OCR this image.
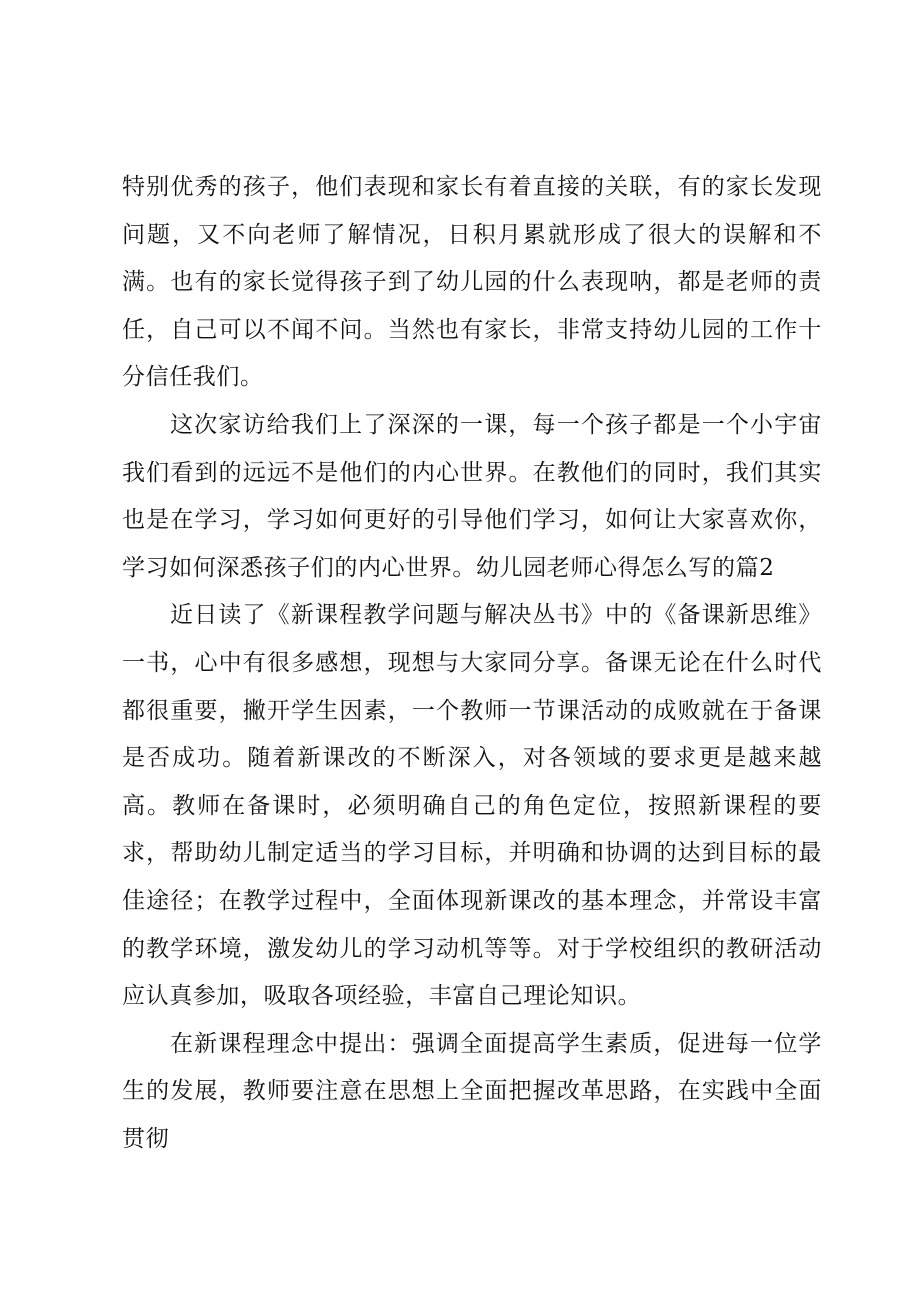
特别优秀的孩子，他们表现和家长有着直接的关联，有的家长发现问题，又不向老师了解情况，日积月累就形成了很大的误解和不满。也有的家长觉得孩子到了幼儿园的什么表现呐，都是老师的责任，自己可以不闻不问。当然也有家长，非常支持幼儿园的工作十分信任我们。

这次家访给我们上了深深的一课，每一个孩子都是一个小宇宙我们看到的远远不是他们的内心世界。在教他们的同时，我们其实也是在学习，学习如何更好的引导他们学习，如何让大家喜欢你，学习如何深悉孩子们的内心世界。幼儿园老师心得怎么写的篇2

近日读了《新课程教学问题与解决丛书》中的《备课新思维》一书，心中有很多感想，现想与大家同分享。备课无论在什么时代都很重要，撇开学生因素，一个教师一节课活动的成败就在于备课是否成功。随着新课改的不断深入，对各领域的要求更是越来越高。教师在备课时，必须明确自己的角色定位，按照新课程的要求，帮助幼儿制定适当的学习目标，并明确和协调的达到目标的最佳途径；在教学过程中，全面体现新课改的基本理念，并常设丰富的教学环境，激发幼儿的学习动机等等。对于学校组织的教研活动应认真参加，吸取各项经验，丰富自己理论知识。

在新课程理念中提出：强调全面提高学生素质，促进每一位学生的发展，教师要注意在思想上全面把握改革思路，在实践中全面贯彻
